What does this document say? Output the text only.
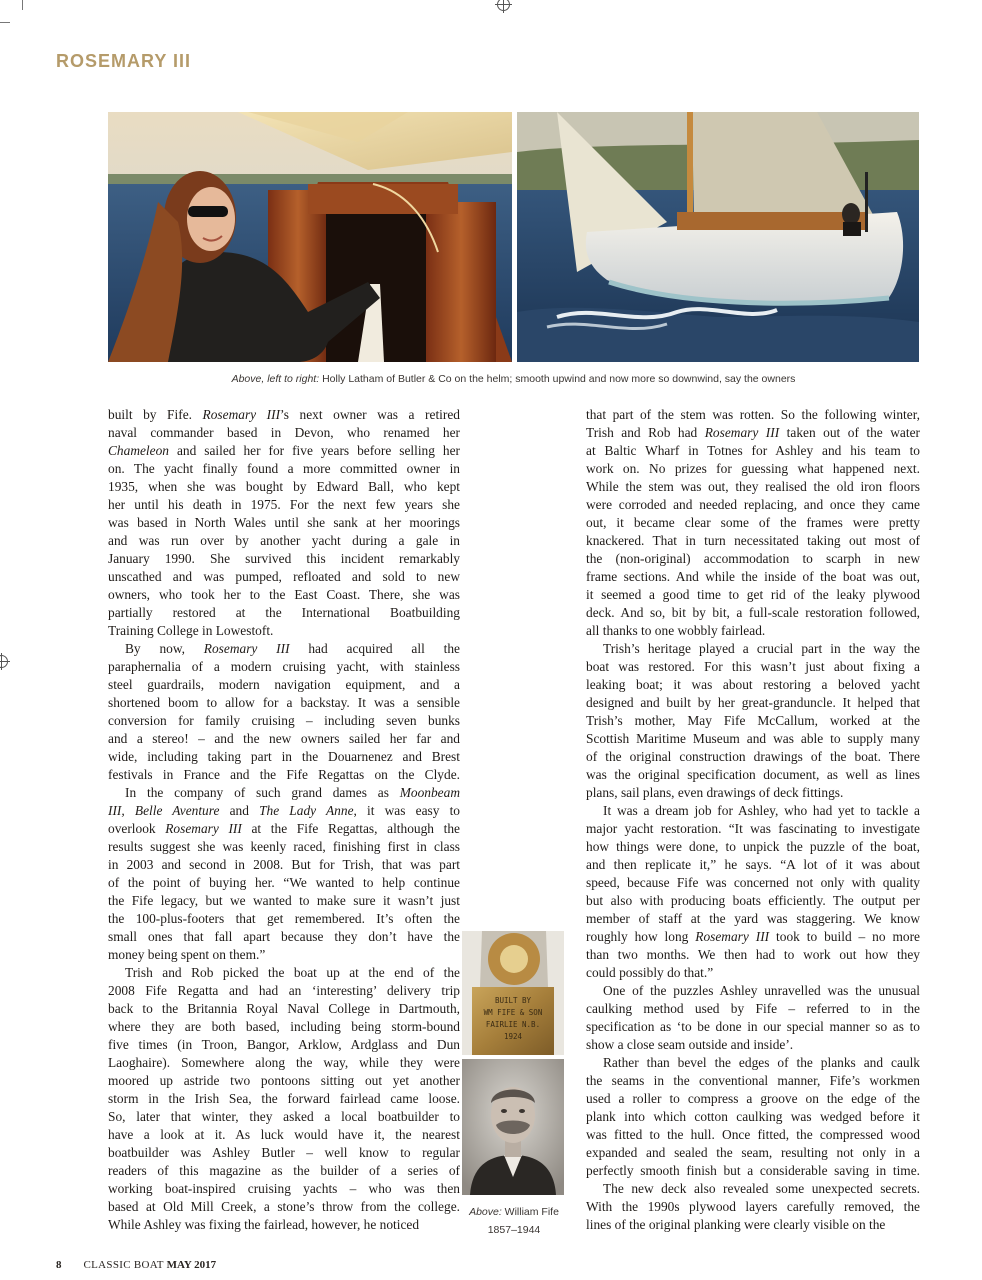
ROSEMARY III
Above, left to right: Holly Latham of Butler & Co on the helm; smooth upwind and now more so downwind, say the owners
built by Fife. Rosemary III’s next owner was a retired
naval commander based in Devon, who renamed her
Chameleon and sailed her for five years before selling her
on. The yacht finally found a more committed owner in
1935, when she was bought by Edward Ball, who kept
her until his death in 1975. For the next few years she
was based in North Wales until she sank at her moorings
and was run over by another yacht during a gale in
January 1990. She survived this incident remarkably
unscathed and was pumped, refloated and sold to new
owners, who took her to the East Coast. There, she was
partially restored at the International Boatbuilding
Training College in Lowestoft.
By now, Rosemary III had acquired all the
paraphernalia of a modern cruising yacht, with stainless
steel guardrails, modern navigation equipment, and a
shortened boom to allow for a backstay. It was a sensible
conversion for family cruising – including seven bunks
and a stereo! – and the new owners sailed her far and
wide, including taking part in the Douarnenez and Brest
festivals in France and the Fife Regattas on the Clyde.
In the company of such grand dames as Moonbeam
III, Belle Aventure and The Lady Anne, it was easy to
overlook Rosemary III at the Fife Regattas, although the
results suggest she was keenly raced, finishing first in class
in 2003 and second in 2008. But for Trish, that was part
of the point of buying her. “We wanted to help continue
the Fife legacy, but we wanted to make sure it wasn’t just
the 100-plus-footers that get remembered. It’s often the
small ones that fall apart because they don’t have the
money being spent on them.”
Trish and Rob picked the boat up at the end of the
2008 Fife Regatta and had an ‘interesting’ delivery trip
back to the Britannia Royal Naval College in Dartmouth,
where they are both based, including being storm-bound
five times (in Troon, Bangor, Arklow, Ardglass and Dun
Laoghaire). Somewhere along the way, while they were
moored up astride two pontoons sitting out yet another
storm in the Irish Sea, the forward fairlead came loose.
So, later that winter, they asked a local boatbuilder to
have a look at it. As luck would have it, the nearest
boatbuilder was Ashley Butler – well know to regular
readers of this magazine as the builder of a series of
working boat-inspired cruising yachts – who was then
based at Old Mill Creek, a stone’s throw from the college.
While Ashley was fixing the fairlead, however, he noticed
that part of the stem was rotten. So the following winter,
Trish and Rob had Rosemary III taken out of the water
at Baltic Wharf in Totnes for Ashley and his team to
work on. No prizes for guessing what happened next.
While the stem was out, they realised the old iron floors
were corroded and needed replacing, and once they came
out, it became clear some of the frames were pretty
knackered. That in turn necessitated taking out most of
the (non-original) accommodation to scarph in new
frame sections. And while the inside of the boat was out,
it seemed a good time to get rid of the leaky plywood
deck. And so, bit by bit, a full-scale restoration followed,
all thanks to one wobbly fairlead.
Trish’s heritage played a crucial part in the way the
boat was restored. For this wasn’t just about fixing a
leaking boat; it was about restoring a beloved yacht
designed and built by her great-granduncle. It helped that
Trish’s mother, May Fife McCallum, worked at the
Scottish Maritime Museum and was able to supply many
of the original construction drawings of the boat. There
was the original specification document, as well as lines
plans, sail plans, even drawings of deck fittings.
It was a dream job for Ashley, who had yet to tackle a
major yacht restoration. “It was fascinating to investigate
how things were done, to unpick the puzzle of the boat,
and then replicate it,” he says. “A lot of it was about
speed, because Fife was concerned not only with quality
but also with producing boats efficiently. The output per
member of staff at the yard was staggering. We know
roughly how long Rosemary III took to build – no more
than two months. We then had to work out how they
could possibly do that.”
One of the puzzles Ashley unravelled was the unusual
caulking method used by Fife – referred to in the
specification as ‘to be done in our special manner so as to
show a close seam outside and inside’.
Rather than bevel the edges of the planks and caulk
the seams in the conventional manner, Fife’s workmen
used a roller to compress a groove on the edge of the
plank into which cotton caulking was wedged before it
was fitted to the hull. Once fitted, the compressed wood
expanded and sealed the seam, resulting not only in a
perfectly smooth finish but a considerable saving in time.
The new deck also revealed some unexpected secrets.
With the 1990s plywood layers carefully removed, the
lines of the original planking were clearly visible on the
BUILT BY
WM FIFE & SON
FAIRLIE N.B.
1924
Above: William Fife
1857–1944
8 CLASSIC BOAT MAY 2017
